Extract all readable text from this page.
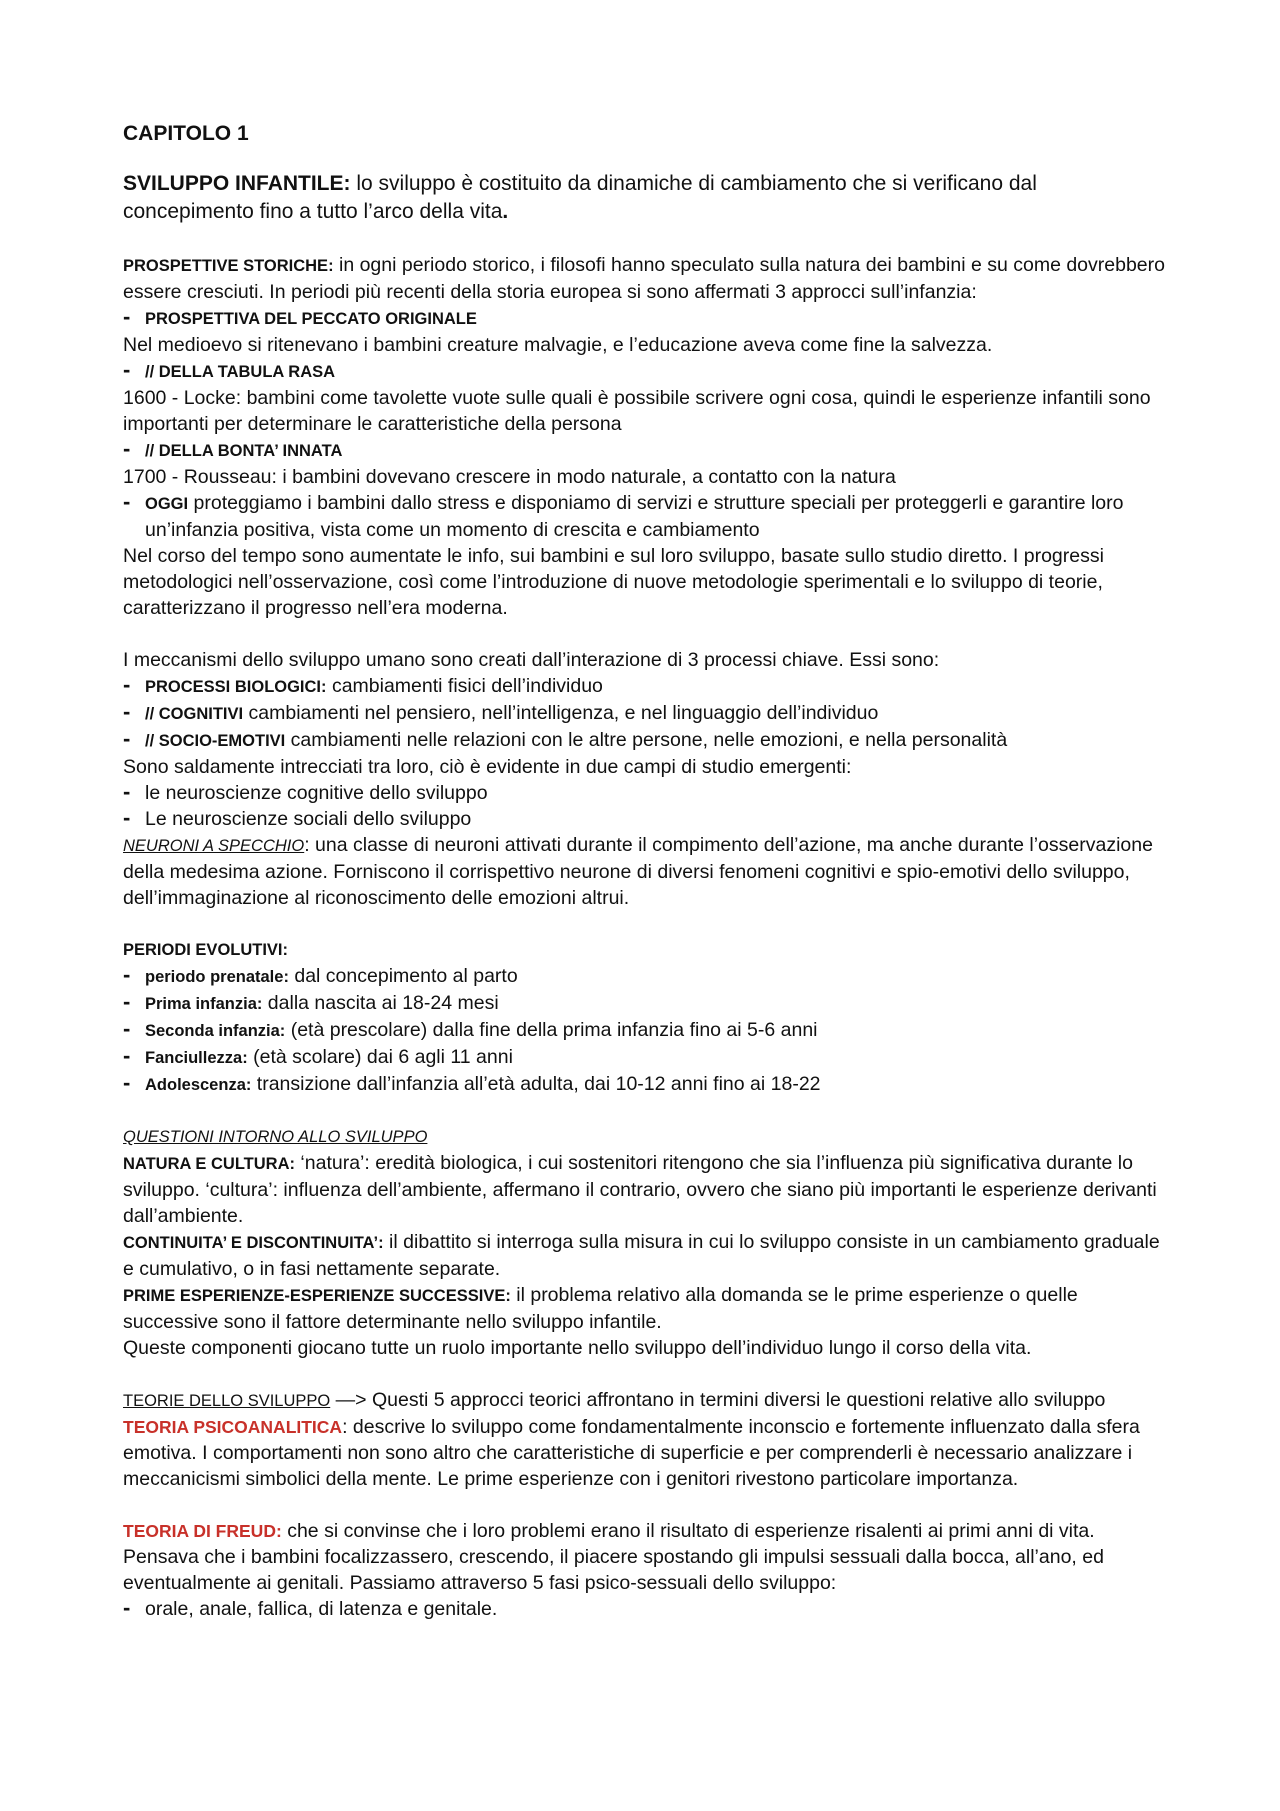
CAPITOLO 1

SVILUPPO INFANTILE: lo sviluppo è costituito da dinamiche di cambiamento che si verificano dal concepimento fino a tutto l’arco della vita.

PROSPETTIVE STORICHE: in ogni periodo storico, i filosofi hanno speculato sulla natura dei bambini e su come dovrebbero essere cresciuti. In periodi più recenti della storia europea si sono affermati 3 approcci sull’infanzia:

- PROSPETTIVA DEL PECCATO ORIGINALE

Nel medioevo si ritenevano i bambini creature malvagie, e l’educazione aveva come fine la salvezza.

- // DELLA TABULA RASA

1600 - Locke: bambini come tavolette vuote sulle quali è possibile scrivere ogni cosa, quindi le esperienze infantili sono importanti per determinare le caratteristiche della persona

- // DELLA BONTA’ INNATA

1700 - Rousseau: i bambini dovevano crescere in modo naturale, a contatto con la natura

- OGGI proteggiamo i bambini dallo stress e disponiamo di servizi e strutture speciali per proteggerli e garantire loro un’infanzia positiva, vista come un momento di crescita e cambiamento

Nel corso del tempo sono aumentate le info, sui bambini e sul loro sviluppo, basate sullo studio diretto. I progressi metodologici nell’osservazione, così come l’introduzione di nuove metodologie sperimentali e lo sviluppo di teorie, caratterizzano il progresso nell’era moderna.

I meccanismi dello sviluppo umano sono creati dall’interazione di 3 processi chiave. Essi sono:

- PROCESSI BIOLOGICI: cambiamenti fisici dell’individuo

- // COGNITIVI cambiamenti nel pensiero, nell’intelligenza, e nel linguaggio dell’individuo

- // SOCIO-EMOTIVI cambiamenti nelle relazioni con le altre persone, nelle emozioni, e nella personalità

Sono saldamente intrecciati tra loro, ciò è evidente in due campi di studio emergenti:

- le neuroscienze cognitive dello sviluppo

- Le neuroscienze sociali dello sviluppo

NEURONI A SPECCHIO: una classe di neuroni attivati durante il compimento dell’azione, ma anche durante l’osservazione della medesima azione. Forniscono il corrispettivo neurone di diversi fenomeni cognitivi e spio-emotivi dello sviluppo, dell’immaginazione al riconoscimento delle emozioni altrui.

PERIODI EVOLUTIVI:

- periodo prenatale: dal concepimento al parto

- Prima infanzia: dalla nascita ai 18-24 mesi

- Seconda infanzia: (età prescolare) dalla fine della prima infanzia fino ai 5-6 anni

- Fanciullezza: (età scolare) dai 6 agli 11 anni

- Adolescenza: transizione dall’infanzia all’età adulta, dai 10-12 anni fino ai 18-22

QUESTIONI INTORNO ALLO SVILUPPO

NATURA E CULTURA: ‘natura’: eredità biologica, i cui sostenitori ritengono che sia l’influenza più significativa durante lo sviluppo. ‘cultura’: influenza dell’ambiente, affermano il contrario, ovvero che siano più importanti le esperienze derivanti dall’ambiente.

CONTINUITA’ E DISCONTINUITA’: il dibattito si interroga sulla misura in cui lo sviluppo consiste in un cambiamento graduale e cumulativo, o in fasi nettamente separate.

PRIME ESPERIENZE-ESPERIENZE SUCCESSIVE: il problema relativo alla domanda se le prime esperienze o quelle successive sono il fattore determinante nello sviluppo infantile.

Queste componenti giocano tutte un ruolo importante nello sviluppo dell’individuo lungo il corso della vita.

TEORIE DELLO SVILUPPO —> Questi 5 approcci teorici affrontano in termini diversi le questioni relative allo sviluppo

TEORIA PSICOANALITICA: descrive lo sviluppo come fondamentalmente inconscio e fortemente influenzato dalla sfera emotiva. I comportamenti non sono altro che caratteristiche di superficie e per comprenderli è necessario analizzare i meccanicismi simbolici della mente. Le prime esperienze con i genitori rivestono particolare importanza.

TEORIA DI FREUD: che si convinse che i loro problemi erano il risultato di esperienze risalenti ai primi anni di vita. Pensava che i bambini focalizzassero, crescendo, il piacere spostando gli impulsi sessuali dalla bocca, all’ano, ed eventualmente ai genitali. Passiamo attraverso 5 fasi psico-sessuali dello sviluppo:

- orale, anale, fallica, di latenza e genitale.
